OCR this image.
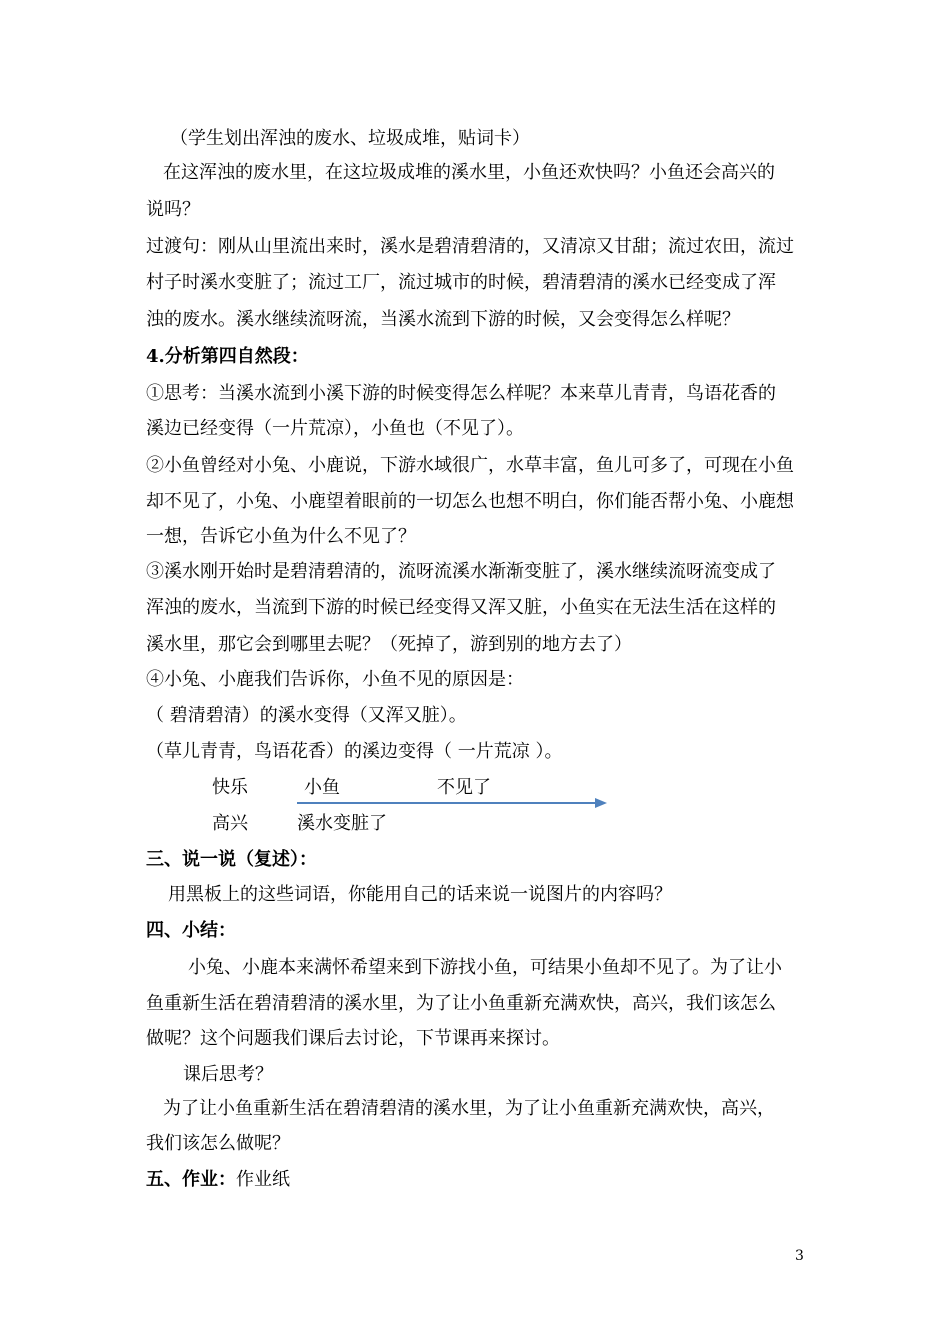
（学生划出浑浊的废水、垃圾成堆，贴词卡）
在这浑浊的废水里，在这垃圾成堆的溪水里，小鱼还欢快吗？小鱼还会高兴的
说吗？
过渡句：刚从山里流出来时，溪水是碧清碧清的，又清凉又甘甜；流过农田，流过
村子时溪水变脏了；流过工厂，流过城市的时候，碧清碧清的溪水已经变成了浑
浊的废水。溪水继续流呀流，当溪水流到下游的时候，又会变得怎么样呢？
4.分析第四自然段：
①思考：当溪水流到小溪下游的时候变得怎么样呢？本来草儿青青，鸟语花香的
溪边已经变得（一片荒凉），小鱼也（不见了）。
②小鱼曾经对小兔、小鹿说，下游水域很广，水草丰富，鱼儿可多了，可现在小鱼
却不见了，小兔、小鹿望着眼前的一切怎么也想不明白，你们能否帮小兔、小鹿想
一想，告诉它小鱼为什么不见了？
③溪水刚开始时是碧清碧清的，流呀流溪水渐渐变脏了，溪水继续流呀流变成了
浑浊的废水，当流到下游的时候已经变得又浑又脏，小鱼实在无法生活在这样的
溪水里，那它会到哪里去呢？（死掉了，游到别的地方去了）
④小兔、小鹿我们告诉你，小鱼不见的原因是：
（ 碧清碧清）的溪水变得（又浑又脏）。
（草儿青青，鸟语花香）的溪边变得（ 一片荒凉 ）。
快乐	小鱼	不见了
高兴	溪水变脏了
三、说一说（复述）：
用黑板上的这些词语，你能用自己的话来说一说图片的内容吗？
四、小结：
小兔、小鹿本来满怀希望来到下游找小鱼，可结果小鱼却不见了。为了让小
鱼重新生活在碧清碧清的溪水里，为了让小鱼重新充满欢快，高兴，我们该怎么
做呢？这个问题我们课后去讨论，下节课再来探讨。
课后思考？
为了让小鱼重新生活在碧清碧清的溪水里，为了让小鱼重新充满欢快，高兴，
我们该怎么做呢？
五、作业：作业纸
3
